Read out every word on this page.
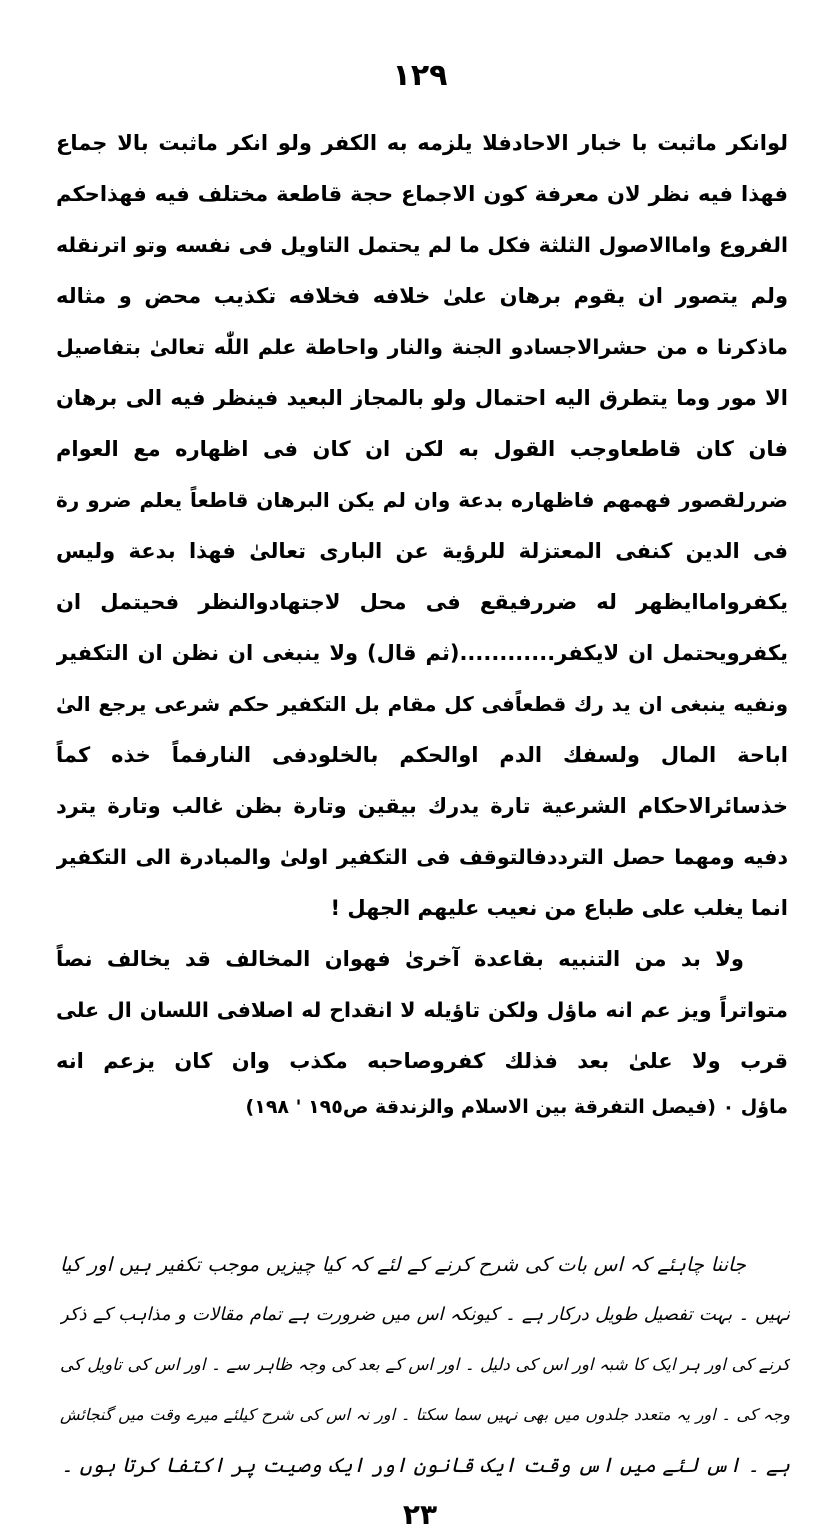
١٢٩
لوانكر ماثبت با خبار الاحادفلا يلزمه به الكفر ولو انكر ماثبت بالا جماع
فهذا فيه نظر لان معرفة كون الاجماع حجة قاطعة مختلف فيه فهذاحكم
الفروع واماالاصول الثلثة فكل ما لم يحتمل التاويل فى نفسه وتو اترنقله
ولم يتصور ان يقوم برهان علىٰ خلافه فخلافه تكذيب محض و مثاله
ماذكرنا ه من حشرالاجسادو الجنة والنار واحاطة علم اللّٰه تعالىٰ بتفاصيل
الا مور وما يتطرق اليه احتمال ولو بالمجاز البعيد فينظر فيه الى برهان
فان كان قاطعاوجب القول به لكن ان كان فى اظهاره مع العوام
ضررلقصور فهمهم فاظهاره بدعة وان لم يكن البرهان قاطعاً يعلم ضرو رة
فى الدين كنفى المعتزلة للرؤية عن البارى تعالىٰ فهذا بدعة وليس
يكفرواماايظهر له ضررفيقع فى محل لاجتهادوالنظر فحيتمل ان
يكفرويحتمل ان لايكفر............(ثم قال) ولا ينبغى ان نظن ان التكفير
ونفيه ينبغى ان يد رك قطعاًفى كل مقام بل التكفير حكم شرعى يرجع الىٰ
اباحة المال ولسفك الدم اوالحكم بالخلودفى النارفماً خذه كماً
خذسائرالاحكام الشرعية تارة يدرك بيقين وتارة بظن غالب وتارة يترد
دفيه ومهما حصل الترددفالتوقف فى التكفير اولىٰ والمبادرة الى التكفير
انما يغلب على طباع من نعيب عليهم الجهل !
ولا بد من التنبيه بقاعدة آخرىٰ فهوان المخالف قد يخالف نصاً
متواتراً ويز عم انه ماؤل ولكن تاؤيله لا انقداح له اصلافى اللسان ال على
قرب ولا علىٰ بعد فذلك كفروصاحبه مكذب وان كان يزعم انه
ماؤل ٠ (فيصل التفرقة بين الاسلام والزندقة ص١٩٥ ' ١٩٨)
جاننا چاہئے کہ اس بات کی شرح کرنے کے لئے کہ کیا چیزیں موجب تکفیر ہیں اور کیا
نہیں ۔ بہت تفصیل طویل درکار ہے ۔ کیونکہ اس میں ضرورت ہے تمام مقالات و مذاہب کے ذکر
کرنے کی اور ہر ایک کا شبہ اور اس کی دلیل ۔ اور اس کے بعد کی وجہ ظاہر سے ۔ اور اس کی تاویل کی
وجہ کی ۔ اور یہ متعدد جلدوں میں بھی نہیں سما سکتا ۔ اور نہ اس کی شرح کیلئے میرے وقت میں گنجائش
ہے ۔ اس لئے میں اس وقت ایک قانون اور ایک وصیت پر اکتفا کرتا ہوں ۔
٢٣
